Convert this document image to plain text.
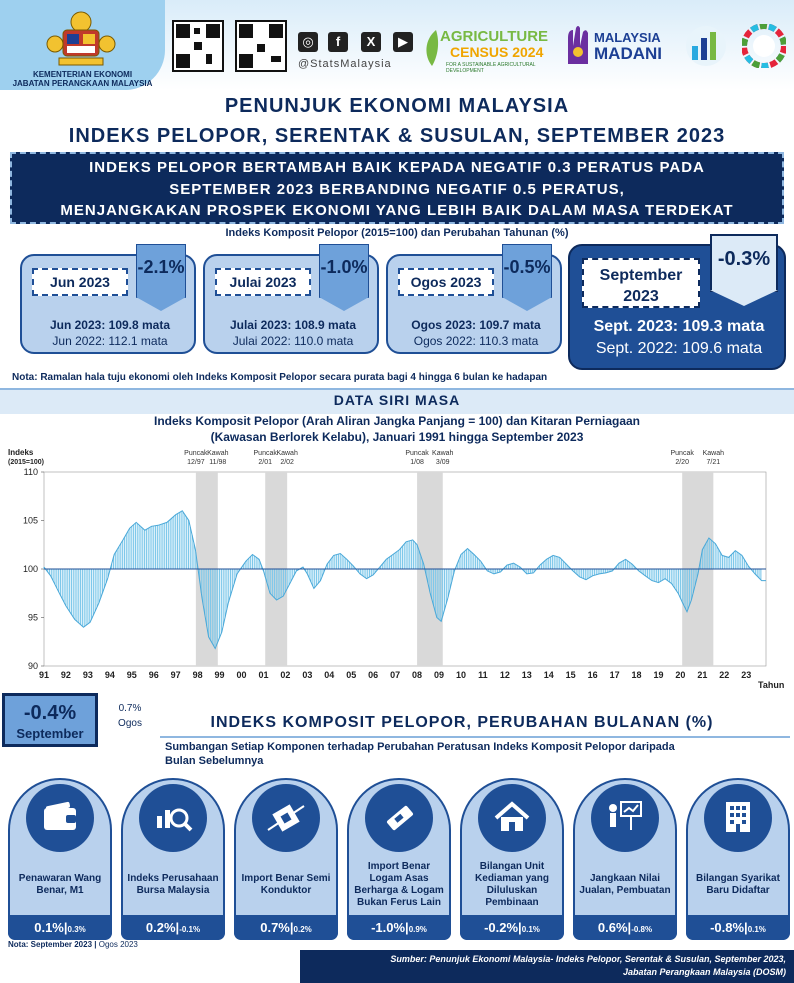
KEMENTERIAN EKONOMI
JABATAN PERANGKAAN MALAYSIA
◎	f	X	▶
@StatsMalaysia
AGRICULTURE
CENSUS 2024
FOR A SUSTAINABLE AGRICULTURAL DEVELOPMENT
MALAYSIA
MADANI
PENUNJUK EKONOMI MALAYSIA
INDEKS PELOPOR, SERENTAK & SUSULAN, SEPTEMBER 2023
INDEKS PELOPOR BERTAMBAH BAIK KEPADA NEGATIF 0.3 PERATUS PADA
SEPTEMBER 2023 BERBANDING NEGATIF 0.5 PERATUS,
MENJANGKAKAN PROSPEK EKONOMI YANG LEBIH BAIK DALAM MASA TERDEKAT
Indeks Komposit Pelopor (2015=100) dan Perubahan Tahunan (%)
Jun 2023
-2.1%
Jun 2023: 109.8 mata
Jun 2022: 112.1 mata
Julai 2023
-1.0%
Julai 2023: 108.9 mata
Julai 2022: 110.0 mata
Ogos 2023
-0.5%
Ogos 2023: 109.7 mata
Ogos 2022: 110.3 mata
September
2023
-0.3%
Sept. 2023: 109.3 mata
Sept. 2022: 109.6 mata
Nota: Ramalan hala tuju ekonomi oleh Indeks Komposit Pelopor secara purata bagi 4 hingga 6 bulan ke hadapan
DATA SIRI MASA
Indeks Komposit Pelopor (Arah Aliran Jangka Panjang = 100) dan Kitaran Perniagaan
(Kawasan Berlorek Kelabu), Januari 1991 hingga September 2023
Puncak
12/97
Kawah
11/98
Puncak
2/01
Kawah
2/02
Puncak
1/08
Kawah
3/09
Puncak
2/20
Kawah
7/21
90
95
100
105
110
Indeks
(2015=100)
91 92 93 94 95 96 97 98 99 00 01 02 03 04 05 06 07 08 09 10 11 12 13 14 15 16 17 18 19 20 21 22 23
Tahun
-0.4%
September
0.7%
Ogos	INDEKS KOMPOSIT PELOPOR, PERUBAHAN BULANAN (%)
Sumbangan Setiap Komponen terhadap Perubahan Peratusan Indeks Komposit Pelopor daripada
Bulan Sebelumnya
Penawaran Wang Benar, M1
0.1%|0.3%
Indeks Perusahaan Bursa Malaysia
0.2%|-0.1%
Import Benar Semi Konduktor
0.7%|0.2%
Import Benar Logam Asas Berharga & Logam Bukan Ferus Lain
-1.0%|0.9%
Bilangan Unit Kediaman yang Diluluskan Pembinaan
-0.2%|0.1%
Jangkaan Nilai Jualan, Pembuatan
0.6%|-0.8%
Bilangan Syarikat Baru Didaftar
-0.8%|0.1%
Nota: September 2023 | Ogos 2023
Sumber: Penunjuk Ekonomi Malaysia- Indeks Pelopor, Serentak & Susulan, September 2023,
Jabatan Perangkaan Malaysia (DOSM)
